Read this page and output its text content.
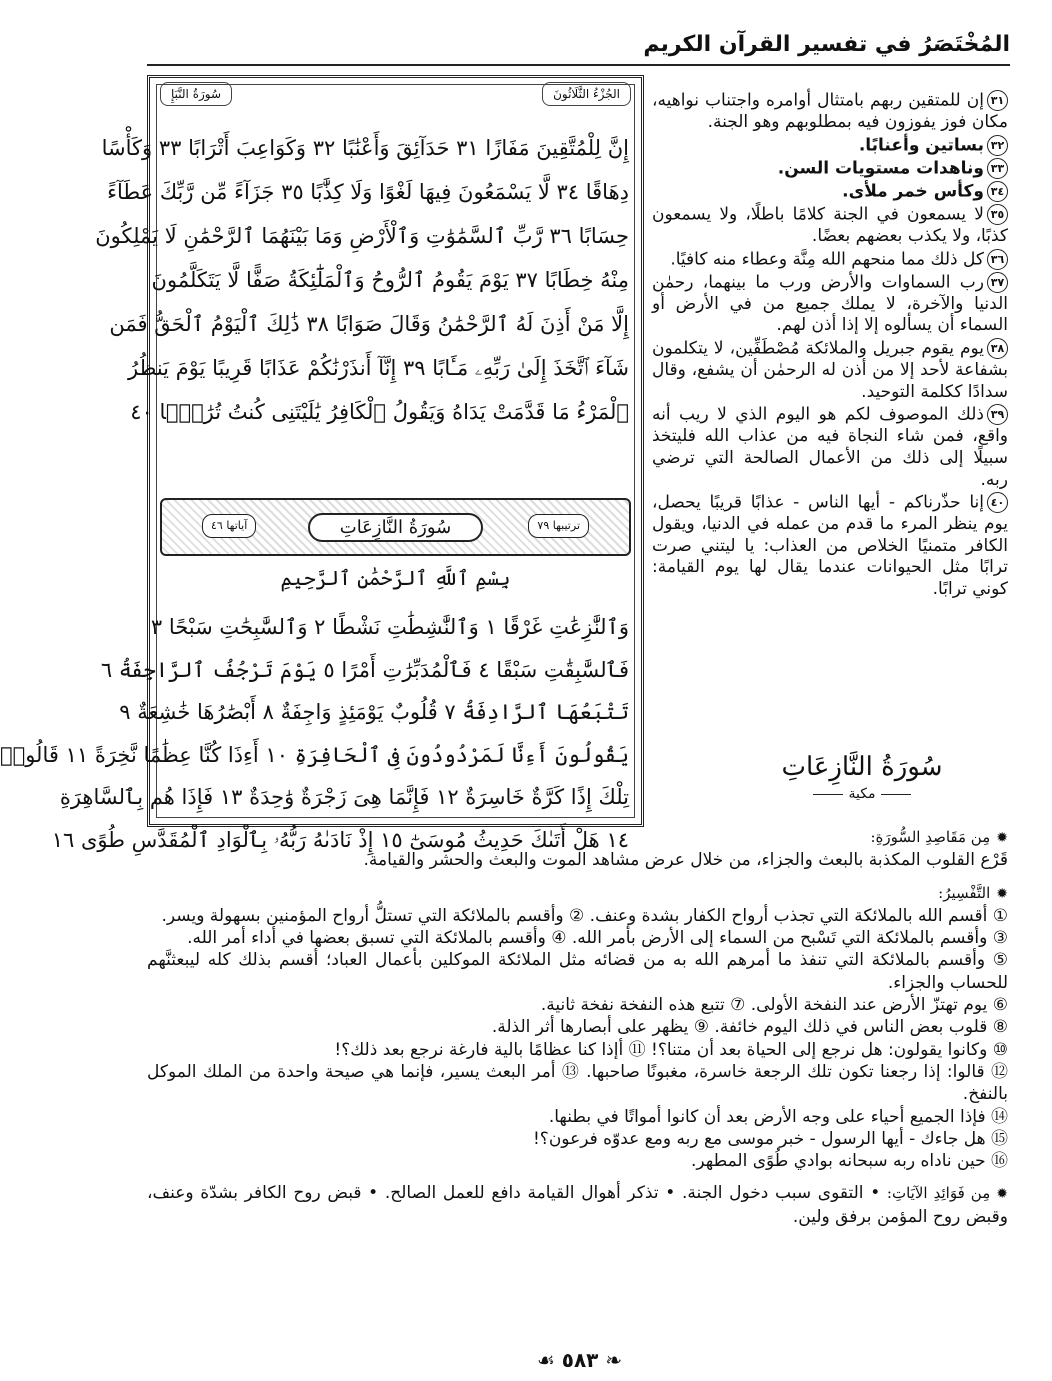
المُخْتَصَرُ في تفسير القرآن الكريم
الجُزْءُ الثَّلَاثُونَ
سُورَةُ النَّبَإِ
إِنَّ لِلْمُتَّقِينَ مَفَازًا ٣١ حَدَآئِقَ وَأَعْنَٰبًا ٣٢ وَكَوَاعِبَ أَتْرَابًا ٣٣ وَكَأْسًا
دِهَاقًا ٣٤ لَّا يَسْمَعُونَ فِيهَا لَغْوًا وَلَا كِذَّٰبًا ٣٥ جَزَآءً مِّن رَّبِّكَ عَطَآءً
حِسَابًا ٣٦ رَّبِّ ٱلسَّمَٰوَٰتِ وَٱلْأَرْضِ وَمَا بَيْنَهُمَا ٱلرَّحْمَٰنِ لَا يَمْلِكُونَ
مِنْهُ خِطَابًا ٣٧ يَوْمَ يَقُومُ ٱلرُّوحُ وَٱلْمَلَٰٓئِكَةُ صَفًّا لَّا يَتَكَلَّمُونَ
إِلَّا مَنْ أَذِنَ لَهُ ٱلرَّحْمَٰنُ وَقَالَ صَوَابًا ٣٨ ذَٰلِكَ ٱلْيَوْمُ ٱلْحَقُّ فَمَن
شَآءَ ٱتَّخَذَ إِلَىٰ رَبِّهِۦ مَـَٔابًا ٣٩ إِنَّآ أَنذَرْنَٰكُمْ عَذَابًا قَرِيبًا يَوْمَ يَنظُرُ
ٱلْمَرْءُ مَا قَدَّمَتْ يَدَاهُ وَيَقُولُ ٱلْكَافِرُ يَٰلَيْتَنِى كُنتُ تُرَٰبًۢا ٤٠
ترتيبها ٧٩
سُورَةُ النَّازِعَاتِ
آياتها ٤٦
بِسْمِ ٱللَّهِ ٱلرَّحْمَٰنِ ٱلرَّحِيمِ
وَٱلنَّٰزِعَٰتِ غَرْقًا ١ وَٱلنَّٰشِطَٰتِ نَشْطًا ٢ وَٱلسَّٰبِحَٰتِ سَبْحًا ٣
فَٱلسَّٰبِقَٰتِ سَبْقًا ٤ فَٱلْمُدَبِّرَٰتِ أَمْرًا ٥ يَوْمَ تَرْجُفُ ٱلرَّاجِفَةُ ٦
تَتْبَعُهَا ٱلرَّادِفَةُ ٧ قُلُوبٌ يَوْمَئِذٍ وَاجِفَةٌ ٨ أَبْصَٰرُهَا خَٰشِعَةٌ ٩
يَقُولُونَ أَءِنَّا لَمَرْدُودُونَ فِى ٱلْحَافِرَةِ ١٠ أَءِذَا كُنَّا عِظَٰمًا نَّخِرَةً ١١ قَالُوا۟
تِلْكَ إِذًا كَرَّةٌ خَاسِرَةٌ ١٢ فَإِنَّمَا هِىَ زَجْرَةٌ وَٰحِدَةٌ ١٣ فَإِذَا هُم بِٱلسَّاهِرَةِ
١٤ هَلْ أَتَىٰكَ حَدِيثُ مُوسَىٰٓ ١٥ إِذْ نَادَىٰهُ رَبُّهُۥ بِٱلْوَادِ ٱلْمُقَدَّسِ طُوًى ١٦

٣١إن للمتقين ربهم بامتثال أوامره واجتناب نواهيه، مكان فوز يفوزون فيه بمطلوبهم وهو الجنة.

٣٢بساتين وأعنابًا.

٣٣وناهدات مستويات السن.

٣٤وكأس خمر ملأى.

٣٥لا يسمعون في الجنة كلامًا باطلًا، ولا يسمعون كذبًا، ولا يكذب بعضهم بعضًا.

٣٦كل ذلك مما منحهم الله مِنَّة وعطاء منه كافيًا.

٣٧رب السماوات والأرض ورب ما بينهما، رحمٰن الدنيا والآخرة، لا يملك جميع من في الأرض أو السماء أن يسألوه إلا إذا أذن لهم.

٣٨يوم يقوم جبريل والملائكة مُصْطَفِّين، لا يتكلمون بشفاعة لأحد إلا من أذن له الرحمٰن أن يشفع، وقال سدادًا ككلمة التوحيد.

٣٩ذلك الموصوف لكم هو اليوم الذي لا ريب أنه واقع، فمن شاء النجاة فيه من عذاب الله فليتخذ سبيلًا إلى ذلك من الأعمال الصالحة التي ترضي ربه.

٤٠إنا حذّرناكم - أيها الناس - عذابًا قريبًا يحصل، يوم ينظر المرء ما قدم من عمله في الدنيا، ويقول الكافر متمنيًا الخلاص من العذاب: يا ليتني صرت ترابًا مثل الحيوانات عندما يقال لها يوم القيامة: كوني ترابًا.

سُورَةُ النَّازِعَاتِ
مكية

✹مِن مَقَاصِدِ السُّورَةِ:

قَرْع القلوب المكذبة بالبعث والجزاء، من خلال عرض مشاهد الموت والبعث والحشر والقيامة.

✹التَّفْسِيرُ:

① أقسم الله بالملائكة التي تجذب أرواح الكفار بشدة وعنف. ② وأقسم بالملائكة التي تستلُّ أرواح المؤمنين بسهولة ويسر.

③ وأقسم بالملائكة التي تَسْبح من السماء إلى الأرض بأمر الله. ④ وأقسم بالملائكة التي تسبق بعضها في أداء أمر الله.

⑤ وأقسم بالملائكة التي تنفذ ما أمرهم الله به من قضائه مثل الملائكة الموكلين بأعمال العباد؛ أقسم بذلك كله ليبعثنَّهم للحساب والجزاء.

⑥ يوم تهتزّ الأرض عند النفخة الأولى. ⑦ تتبع هذه النفخة نفخة ثانية.

⑧ قلوب بعض الناس في ذلك اليوم خائفة. ⑨ يظهر على أبصارها أثر الذلة.

⑩ وكانوا يقولون: هل نرجع إلى الحياة بعد أن متنا؟! ⑪ أإذا كنا عظامًا بالية فارغة نرجع بعد ذلك؟!

⑫ قالوا: إذا رجعنا تكون تلك الرجعة خاسرة، مغبونًا صاحبها. ⑬ أمر البعث يسير، فإنما هي صيحة واحدة من الملك الموكل بالنفخ.

⑭ فإذا الجميع أحياء على وجه الأرض بعد أن كانوا أمواتًا في بطنها.

⑮ هل جاءك - أيها الرسول - خبر موسى مع ربه ومع عدوّه فرعون؟!

⑯ حين ناداه ربه سبحانه بوادي طُوًى المطهر.

✹مِن فَوَائِدِ الآيَاتِ: • التقوى سبب دخول الجنة. • تذكر أهوال القيامة دافع للعمل الصالح. • قبض روح الكافر بشدّة وعنف، وقبض روح المؤمن برفق ولين.

❧ ٥٨٣ ☙
